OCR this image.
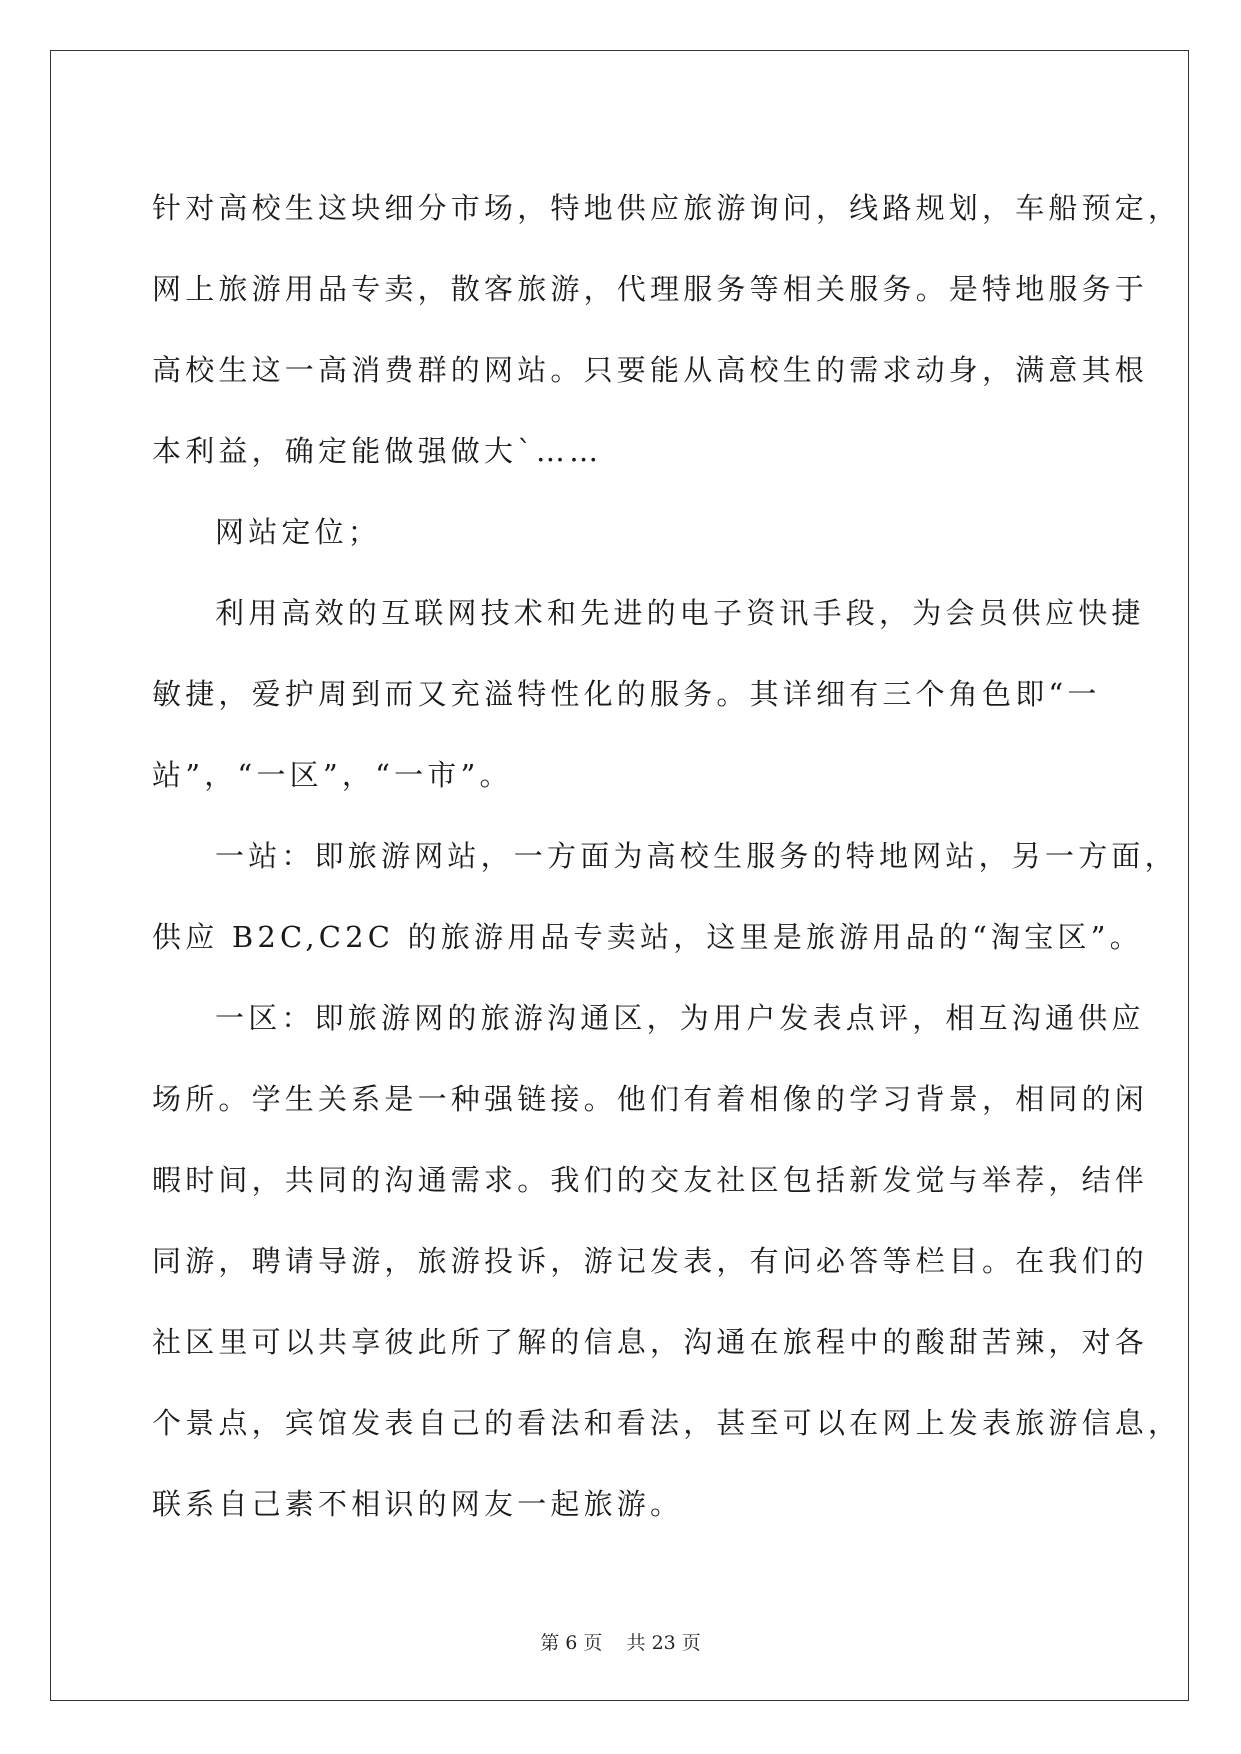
针对高校生这块细分市场，特地供应旅游询问，线路规划，车船预定，
网上旅游用品专卖，散客旅游，代理服务等相关服务。是特地服务于
高校生这一高消费群的网站。只要能从高校生的需求动身，满意其根
本利益，确定能做强做大`……
网站定位；
利用高效的互联网技术和先进的电子资讯手段，为会员供应快捷
敏捷，爱护周到而又充溢特性化的服务。其详细有三个角色即“一
站”，“一区”，“一市”。
一站：即旅游网站，一方面为高校生服务的特地网站，另一方面，
供应 B2C,C2C 的旅游用品专卖站，这里是旅游用品的“淘宝区”。
一区：即旅游网的旅游沟通区，为用户发表点评，相互沟通供应
场所。学生关系是一种强链接。他们有着相像的学习背景，相同的闲
暇时间，共同的沟通需求。我们的交友社区包括新发觉与举荐，结伴
同游，聘请导游，旅游投诉，游记发表，有问必答等栏目。在我们的
社区里可以共享彼此所了解的信息，沟通在旅程中的酸甜苦辣，对各
个景点，宾馆发表自己的看法和看法，甚至可以在网上发表旅游信息，
联系自己素不相识的网友一起旅游。
第 6 页 共 23 页
